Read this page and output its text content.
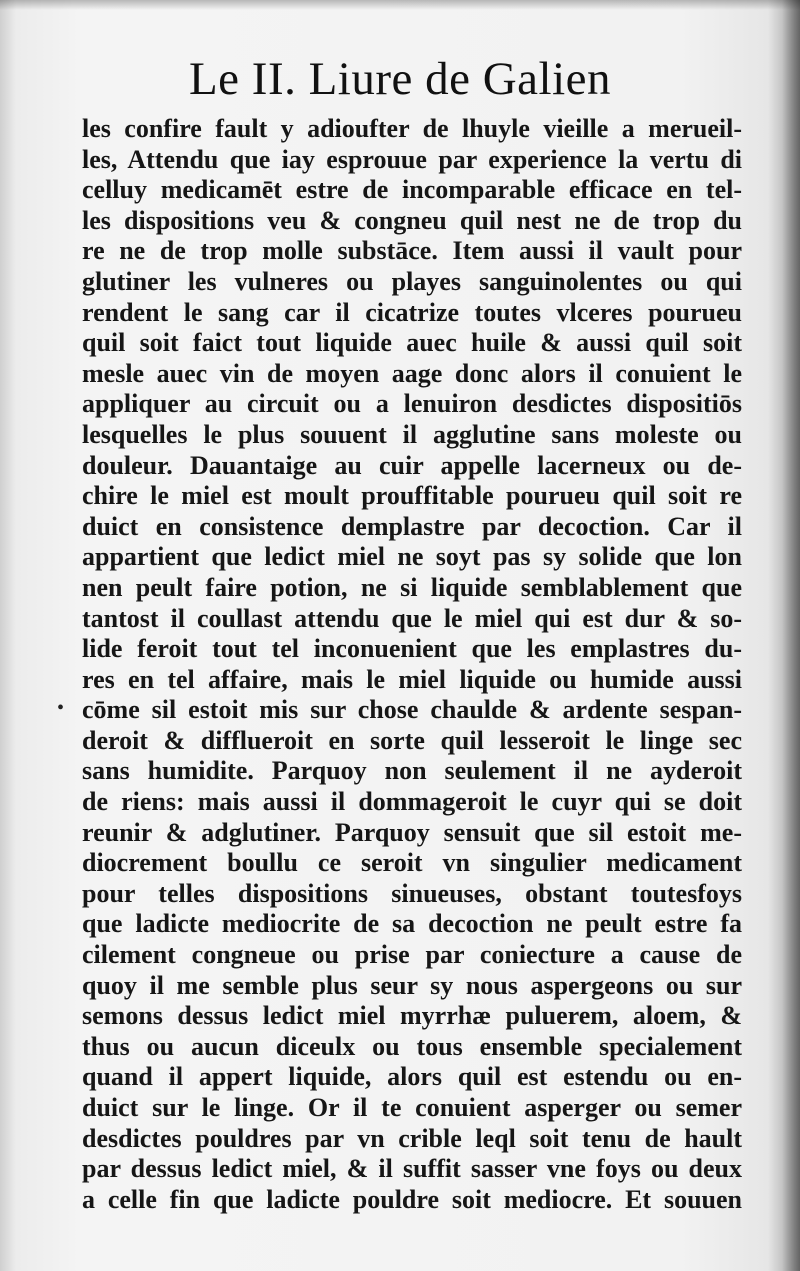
Le II. Liure de Galien
•
les confire fault y adioufter de lhuyle vieille a merueil-
les, Attendu que iay esprouue par experience la vertu di
celluy medicamēt estre de incomparable efficace en tel-
les dispositions veu & congneu quil nest ne de trop du
re ne de trop molle substāce. Item aussi il vault pour
glutiner les vulneres ou playes sanguinolentes ou qui
rendent le sang car il cicatrize toutes vlceres pourueu
quil soit faict tout liquide auec huile & aussi quil soit
mesle auec vin de moyen aage donc alors il conuient le
appliquer au circuit ou a lenuiron desdictes dispositiōs
lesquelles le plus souuent il agglutine sans moleste ou
douleur. Dauantaige au cuir appelle lacerneux ou de-
chire le miel est moult prouffitable pourueu quil soit re
duict en consistence demplastre par decoction. Car il
appartient que ledict miel ne soyt pas sy solide que lon
nen peult faire potion, ne si liquide semblablement que
tantost il coullast attendu que le miel qui est dur & so-
lide feroit tout tel inconuenient que les emplastres du-
res en tel affaire, mais le miel liquide ou humide aussi
cōme sil estoit mis sur chose chaulde & ardente sespan-
deroit & difflueroit en sorte quil lesseroit le linge sec
sans humidite. Parquoy non seulement il ne ayderoit
de riens: mais aussi il dommageroit le cuyr qui se doit
reunir & adglutiner. Parquoy sensuit que sil estoit me-
diocrement boullu ce seroit vn singulier medicament
pour telles dispositions sinueuses, obstant toutesfoys
que ladicte mediocrite de sa decoction ne peult estre fa
cilement congneue ou prise par coniecture a cause de
quoy il me semble plus seur sy nous aspergeons ou sur
semons dessus ledict miel myrrhæ puluerem, aloem, &
thus ou aucun diceulx ou tous ensemble specialement
quand il appert liquide, alors quil est estendu ou en-
duict sur le linge. Or il te conuient asperger ou semer
desdictes pouldres par vn crible leql soit tenu de hault
par dessus ledict miel, & il suffit sasser vne foys ou deux
a celle fin que ladicte pouldre soit mediocre. Et souuen
